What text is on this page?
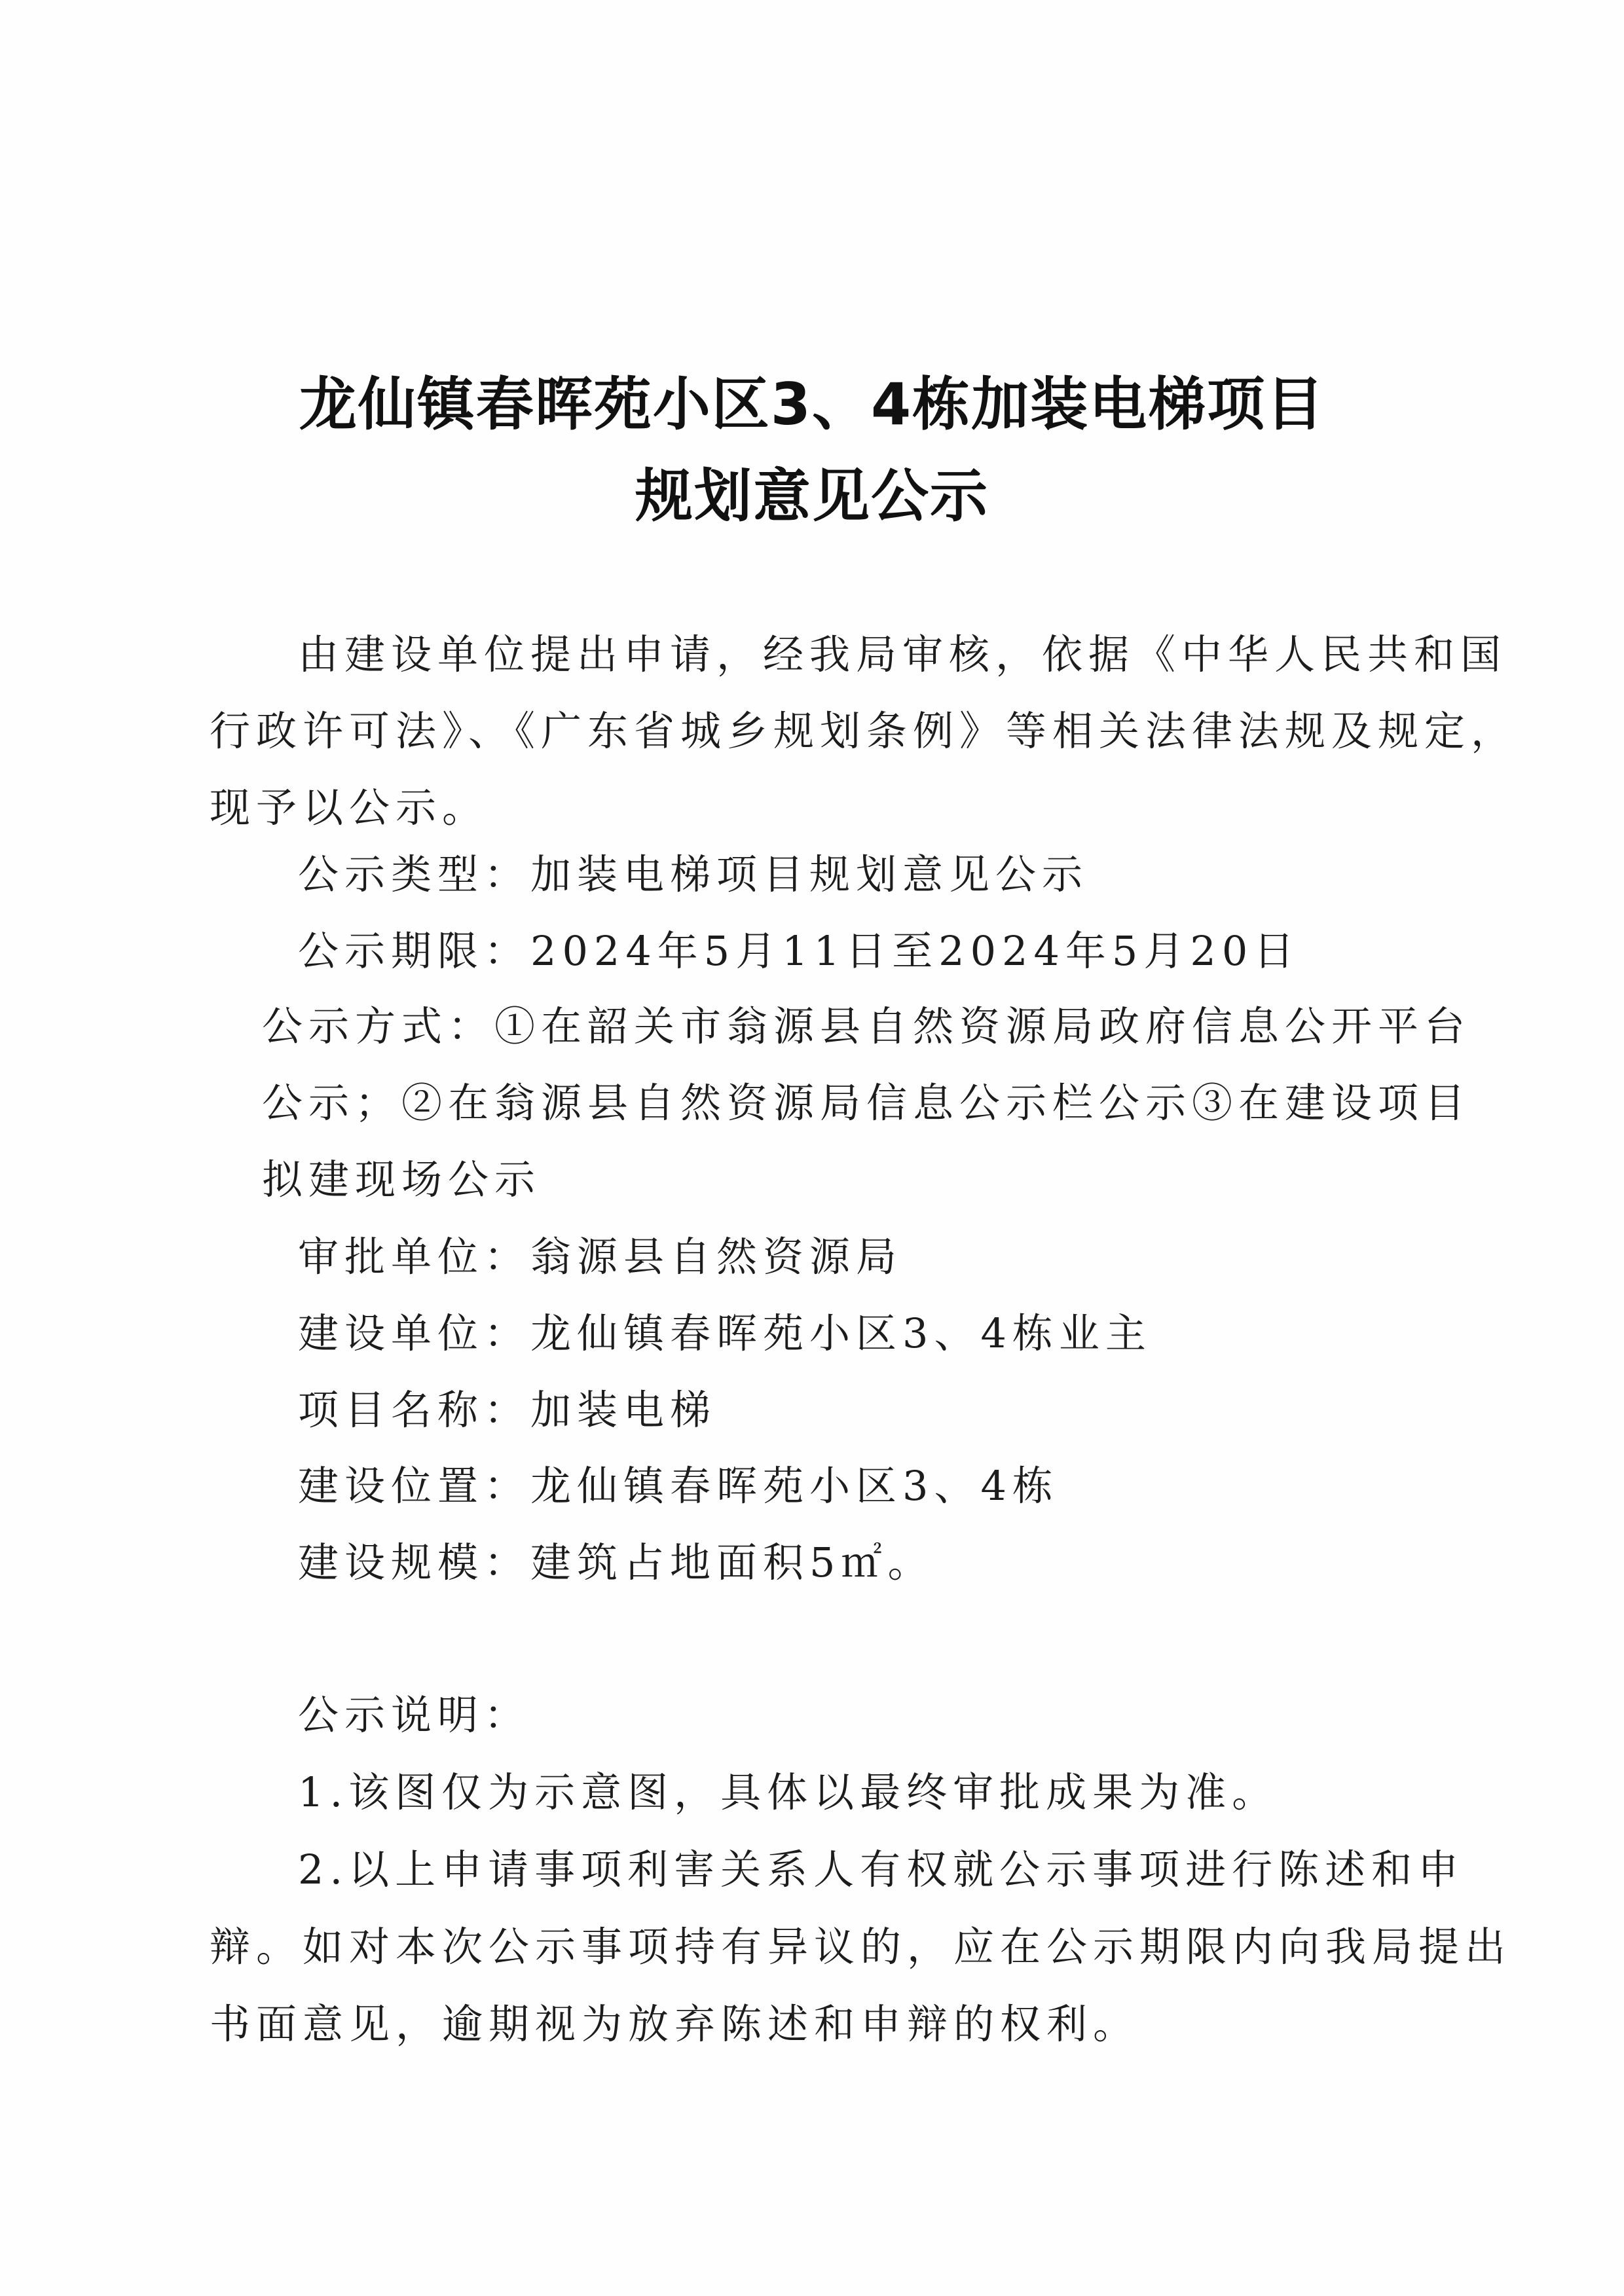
龙仙镇春晖苑小区3、4栋加装电梯项目
规划意见公示
由建设单位提出申请，经我局审核，依据《中华人民共和国
行政许可法》、《广东省城乡规划条例》等相关法律法规及规定，
现予以公示。
公示类型：加装电梯项目规划意见公示
公示期限：2024年5月11日至2024年5月20日
公示方式：①在韶关市翁源县自然资源局政府信息公开平台
公示；②在翁源县自然资源局信息公示栏公示③在建设项目
拟建现场公示
审批单位：翁源县自然资源局
建设单位：龙仙镇春晖苑小区3、4栋业主
项目名称：加装电梯
建设位置：龙仙镇春晖苑小区3、4栋
建设规模：建筑占地面积5㎡。
公示说明：
1.该图仅为示意图，具体以最终审批成果为准。
2.以上申请事项利害关系人有权就公示事项进行陈述和申
辩。如对本次公示事项持有异议的，应在公示期限内向我局提出
书面意见，逾期视为放弃陈述和申辩的权利。
